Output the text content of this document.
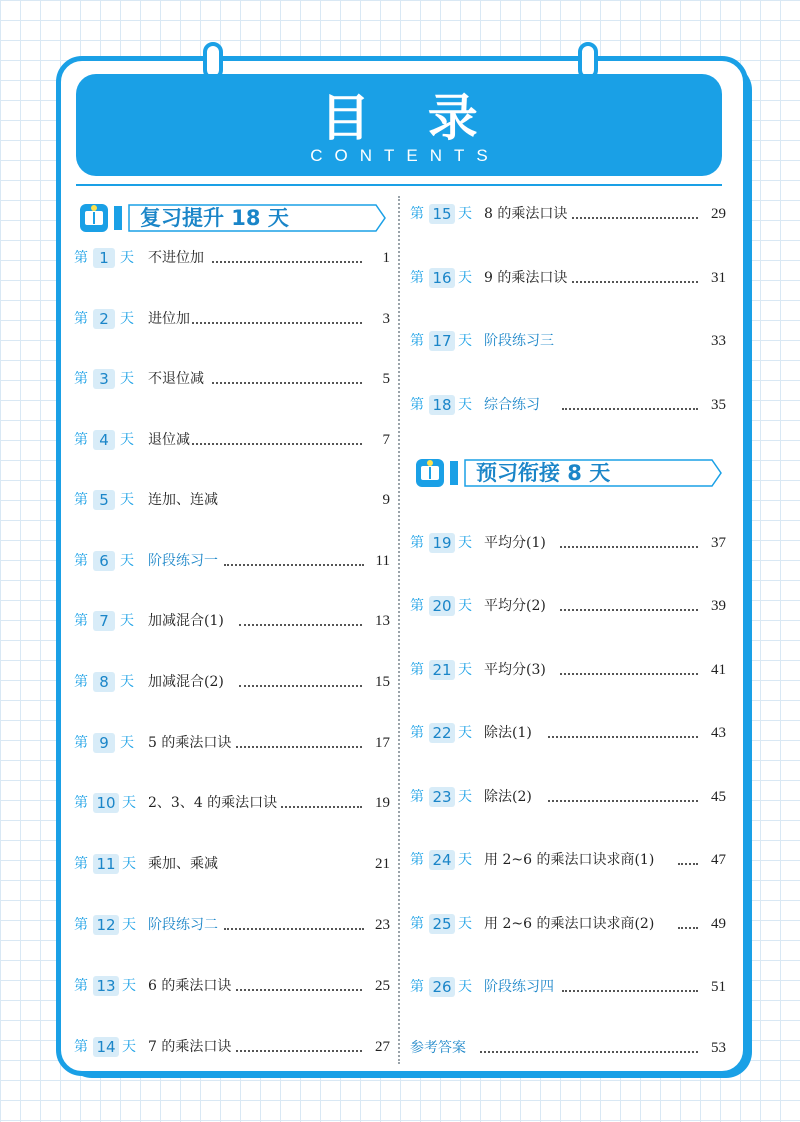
目 录
CONTENTS
复习提升 18 天
预习衔接 8 天
第 1 天 不进位加	1
第 2 天 进位加	3
第 3 天 不退位减	5
第 4 天 退位减	7
第 5 天 连加、连减	9
第 6 天 阶段练习一	11
第 7 天 加减混合(1)	13
第 8 天 加减混合(2)	15
第 9 天 5 的乘法口诀	17
第 10 天 2、3、4 的乘法口诀	19
第 11 天 乘加、乘减	21
第 12 天 阶段练习二	23
第 13 天 6 的乘法口诀	25
第 14 天 7 的乘法口诀	27
第 15 天 8 的乘法口诀	29
第 16 天 9 的乘法口诀	31
第 17 天 阶段练习三	33
第 18 天 综合练习	35
第 19 天 平均分(1)	37
第 20 天 平均分(2)	39
第 21 天 平均分(3)	41
第 22 天 除法(1)	43
第 23 天 除法(2)	45
第 24 天 用 2~6 的乘法口诀求商(1)	47
第 25 天 用 2~6 的乘法口诀求商(2)	49
第 26 天 阶段练习四	51
参考答案	53
